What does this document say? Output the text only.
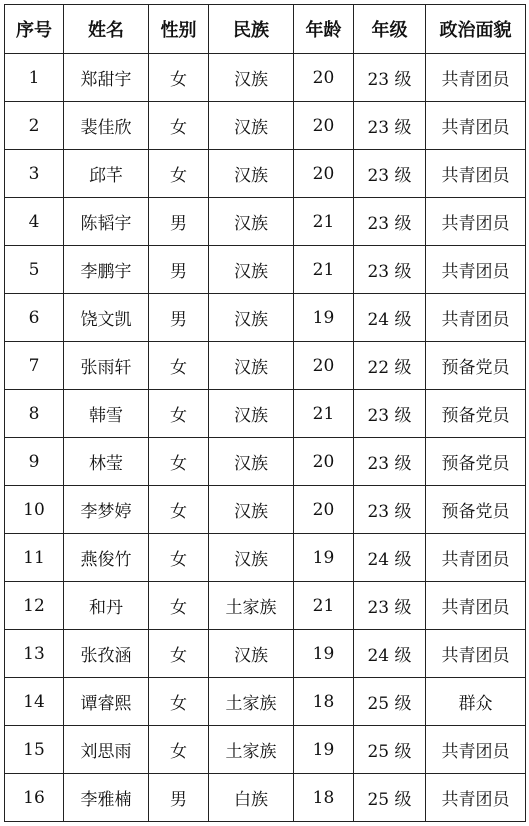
序号	姓名	性别	民族	年龄	年级	政治面貌
1	郑甜宇	女	汉族	20	23 级	共青团员
2	裴佳欣	女	汉族	20	23 级	共青团员
3	邱芊	女	汉族	20	23 级	共青团员
4	陈韬宇	男	汉族	21	23 级	共青团员
5	李鹏宇	男	汉族	21	23 级	共青团员
6	饶文凯	男	汉族	19	24 级	共青团员
7	张雨轩	女	汉族	20	22 级	预备党员
8	韩雪	女	汉族	21	23 级	预备党员
9	林莹	女	汉族	20	23 级	预备党员
10	李梦婷	女	汉族	20	23 级	预备党员
11	燕俊竹	女	汉族	19	24 级	共青团员
12	和丹	女	土家族	21	23 级	共青团员
13	张孜涵	女	汉族	19	24 级	共青团员
14	谭睿熙	女	土家族	18	25 级	群众
15	刘思雨	女	土家族	19	25 级	共青团员
16	李雅楠	男	白族	18	25 级	共青团员
